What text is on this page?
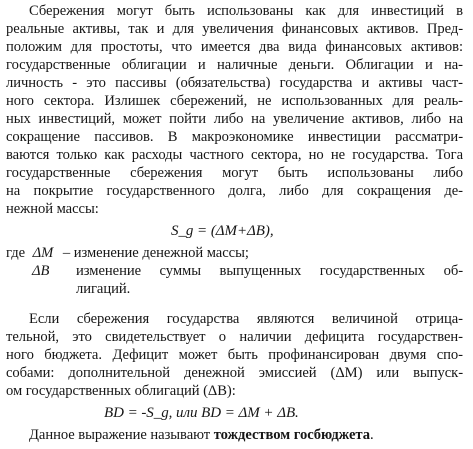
Сбережения могут быть использованы как для инвестиций в
реальные активы, так и для увеличения финансовых активов. Пред-
положим для простоты, что имеется два вида финансовых активов:
государственные облигации и наличные деньги. Облигации и на-
личность - это пассивы (обязательства) государства и активы част-
ного сектора. Излишек сбережений, не использованных для реаль-
ных инвестиций, может пойти либо на увеличение активов, либо на
сокращение пассивов. В макроэкономике инвестиции рассматри-
ваются только как расходы частного сектора, но не государства. Тога
государственные сбережения могут быть использованы либо
на покрытие государственного долга, либо для сокращения де-
нежной массы:
S_g = (ΔM+ΔB),
где ΔM – изменение денежной массы;
ΔB изменение суммы выпущенных государственных об-
лигаций.
Если сбережения государства являются величиной отрица-
тельной, это свидетельствует о наличии дефицита государствен-
ного бюджета. Дефицит может быть профинансирован двумя спо-
собами: дополнительной денежной эмиссией (ΔM) или выпуск-
ом государственных облигаций (ΔB):
BD = -S_g, или BD = ΔM + ΔB.
Данное выражение называют тождеством госбюджета.
